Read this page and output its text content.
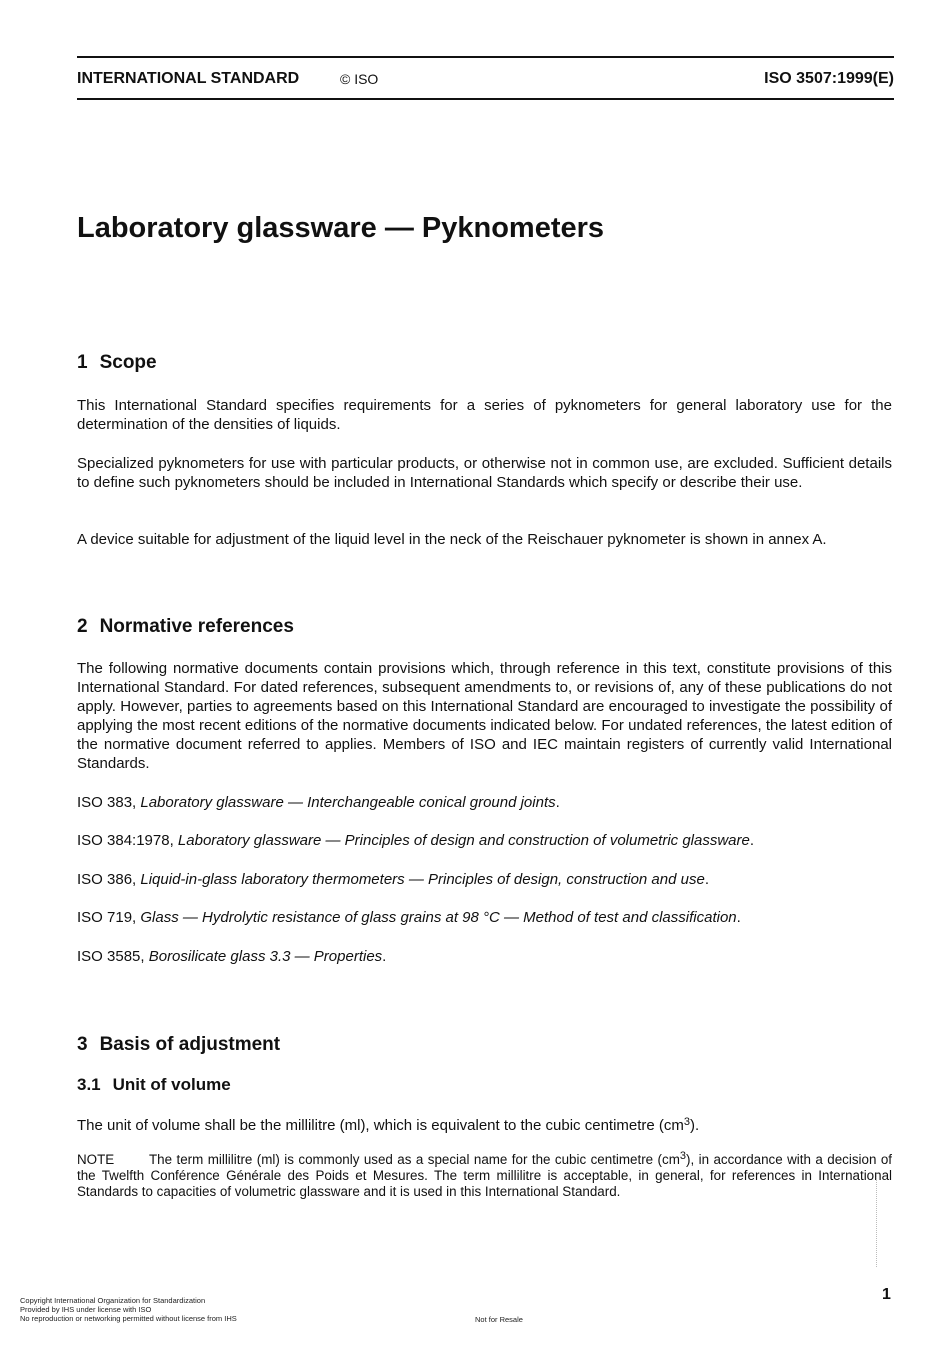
INTERNATIONAL STANDARD	© ISO	ISO 3507:1999(E)
Laboratory glassware — Pyknometers
1 Scope

This International Standard specifies requirements for a series of pyknometers for general laboratory use for the determination of the densities of liquids.

Specialized pyknometers for use with particular products, or otherwise not in common use, are excluded. Sufficient details to define such pyknometers should be included in International Standards which specify or describe their use.

A device suitable for adjustment of the liquid level in the neck of the Reischauer pyknometer is shown in annex A.

2 Normative references

The following normative documents contain provisions which, through reference in this text, constitute provisions of this International Standard. For dated references, subsequent amendments to, or revisions of, any of these publications do not apply. However, parties to agreements based on this International Standard are encouraged to investigate the possibility of applying the most recent editions of the normative documents indicated below. For undated references, the latest edition of the normative document referred to applies. Members of ISO and IEC maintain registers of currently valid International Standards.

ISO 383, Laboratory glassware — Interchangeable conical ground joints.

ISO 384:1978, Laboratory glassware — Principles of design and construction of volumetric glassware.

ISO 386, Liquid-in-glass laboratory thermometers — Principles of design, construction and use.

ISO 719, Glass — Hydrolytic resistance of glass grains at 98 °C — Method of test and classification.

ISO 3585, Borosilicate glass 3.3 — Properties.

3 Basis of adjustment
3.1 Unit of volume

The unit of volume shall be the millilitre (ml), which is equivalent to the cubic centimetre $(cm^3)$.

NOTE	The term millilitre (ml) is commonly used as a special name for the cubic centimetre $(cm^3)$, in accordance with a decision of the Twelfth Conférence Générale des Poids et Mesures. The term millilitre is acceptable, in general, for references in International Standards to capacities of volumetric glassware and it is used in this International Standard.

1
Copyright International Organization for Standardization
Provided by IHS under license with ISO
No reproduction or networking permitted without license from IHS	Not for Resale
